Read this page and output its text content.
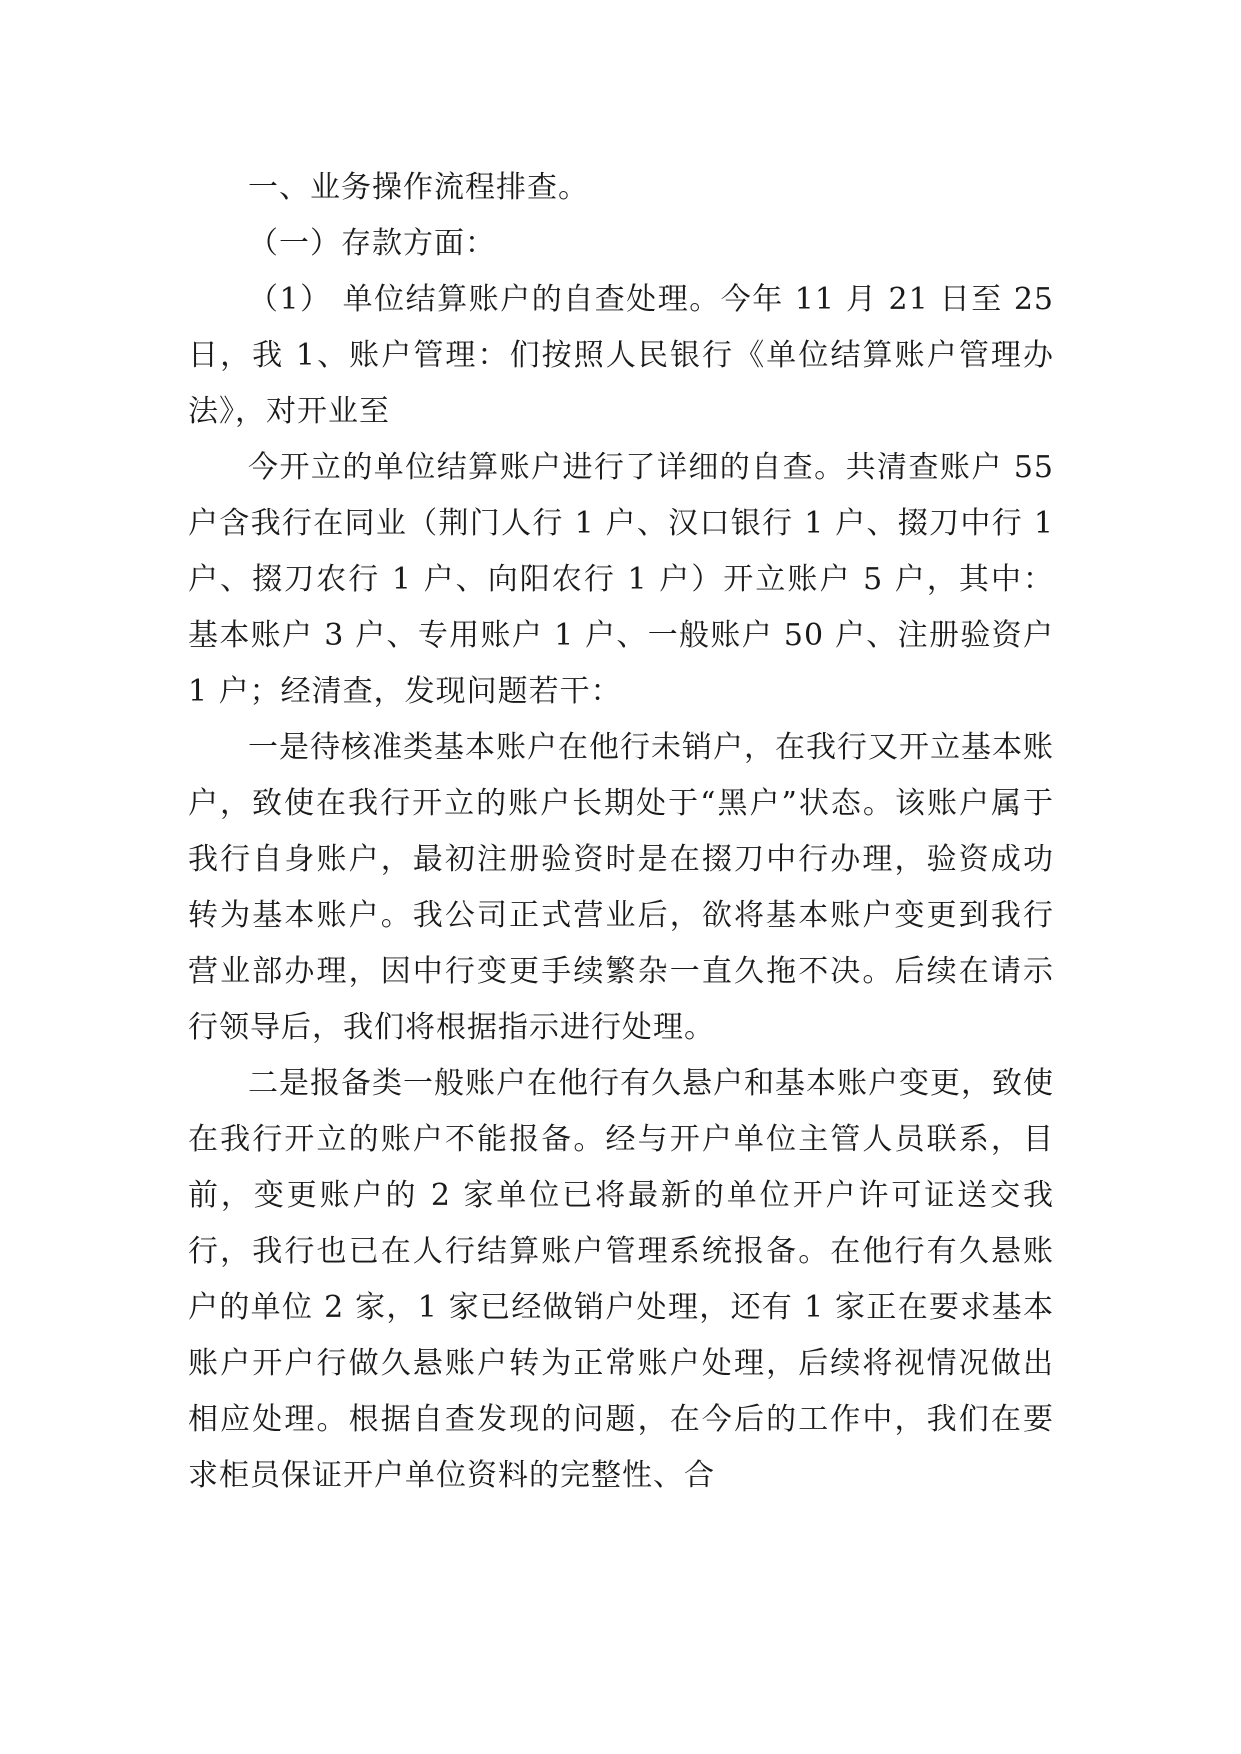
一、业务操作流程排查。

（一）存款方面：

（1） 单位结算账户的自查处理。今年 11 月 21 日至 25 日，我 1、账户管理：们按照人民银行《单位结算账户管理办法》，对开业至

今开立的单位结算账户进行了详细的自查。共清查账户 55 户含我行在同业（荆门人行 1 户、汉口银行 1 户、掇刀中行 1 户、掇刀农行 1 户、向阳农行 1 户）开立账户 5 户，其中：基本账户 3 户、专用账户 1 户、一般账户 50 户、注册验资户 1 户；经清查，发现问题若干：

一是待核准类基本账户在他行未销户，在我行又开立基本账户，致使在我行开立的账户长期处于“黑户”状态。该账户属于我行自身账户，最初注册验资时是在掇刀中行办理，验资成功转为基本账户。我公司正式营业后，欲将基本账户变更到我行营业部办理，因中行变更手续繁杂一直久拖不决。后续在请示行领导后，我们将根据指示进行处理。

二是报备类一般账户在他行有久悬户和基本账户变更，致使在我行开立的账户不能报备。经与开户单位主管人员联系，目前，变更账户的 2 家单位已将最新的单位开户许可证送交我行，我行也已在人行结算账户管理系统报备。在他行有久悬账户的单位 2 家，1 家已经做销户处理，还有 1 家正在要求基本账户开户行做久悬账户转为正常账户处理，后续将视情况做出相应处理。根据自查发现的问题，在今后的工作中，我们在要求柜员保证开户单位资料的完整性、合
